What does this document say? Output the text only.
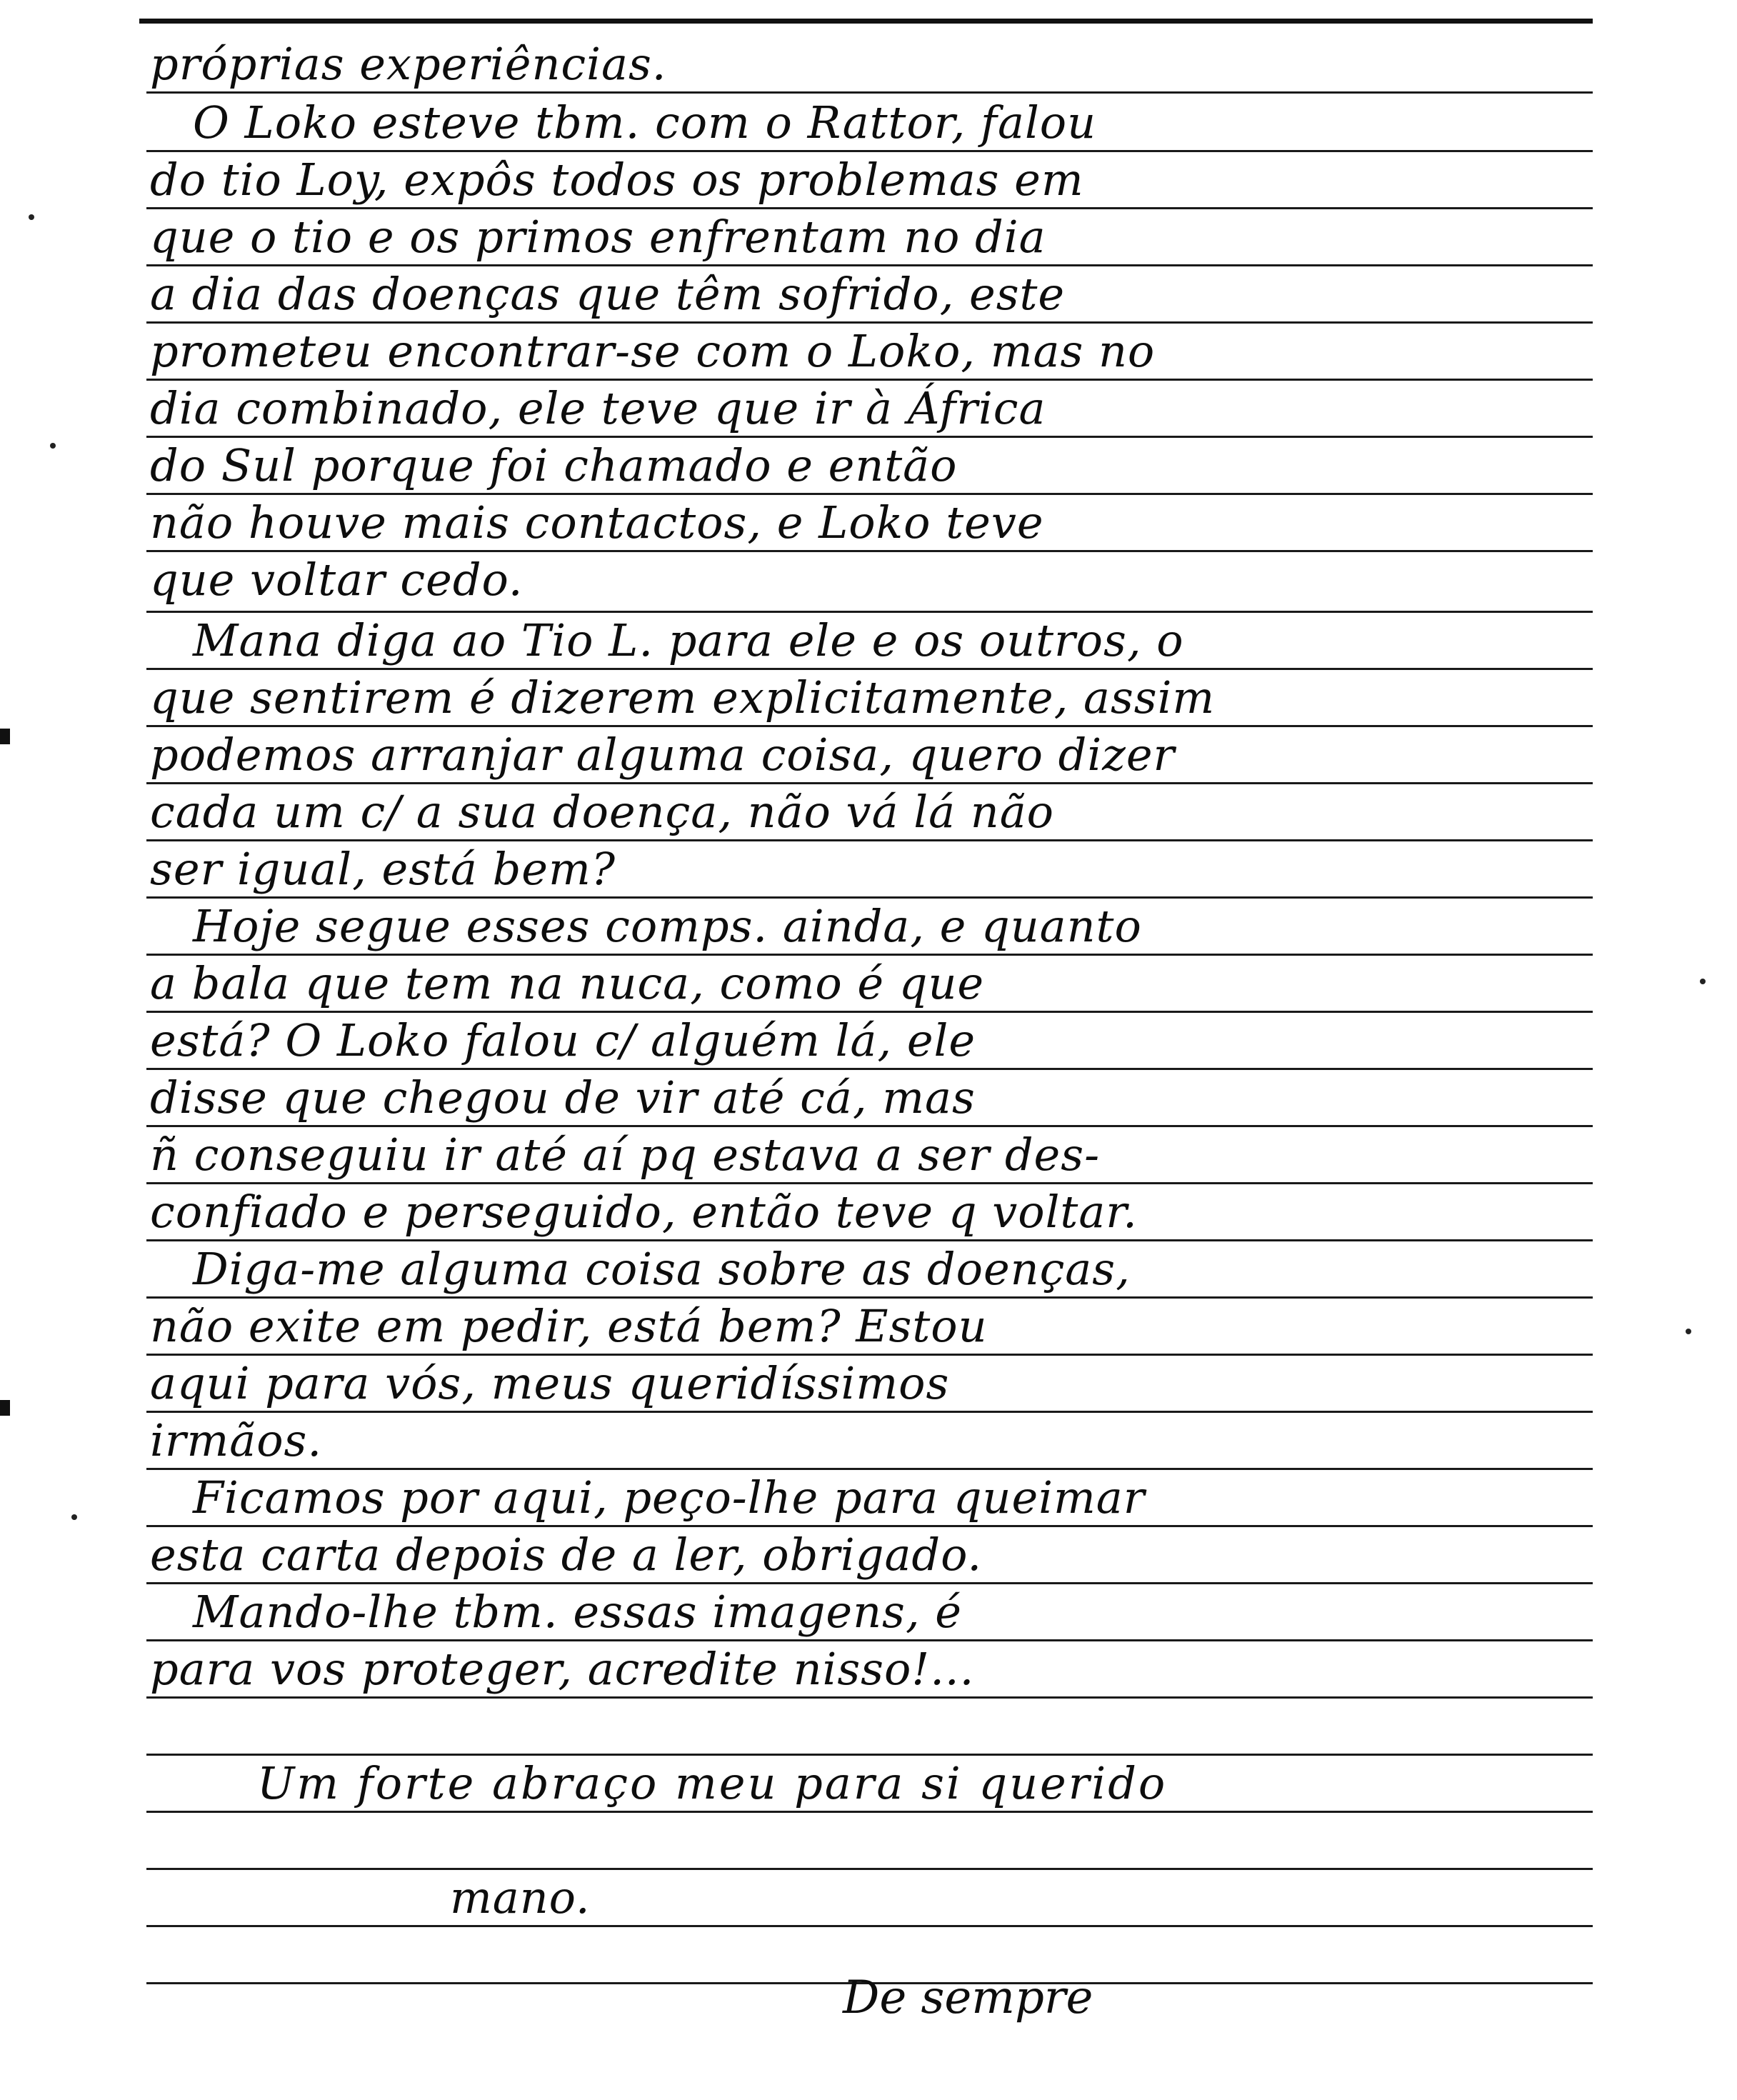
próprias experiências.
O Loko esteve tbm. com o Rattor, falou
do tio Loy, expôs todos os problemas em
que o tio e os primos enfrentam no dia
a dia das doenças que têm sofrido, este
prometeu encontrar-se com o Loko, mas no
dia combinado, ele teve que ir à África
do Sul porque foi chamado e então
não houve mais contactos, e Loko teve
que voltar cedo.
Mana diga ao Tio L. para ele e os outros, o
que sentirem é dizerem explicitamente, assim
podemos arranjar alguma coisa, quero dizer
cada um c/ a sua doença, não vá lá não
ser igual, está bem?
Hoje segue esses comps. ainda, e quanto
a bala que tem na nuca, como é que
está? O Loko falou c/ alguém lá, ele
disse que chegou de vir até cá, mas
ñ conseguiu ir até aí pq estava a ser des-
confiado e perseguido, então teve q voltar.
Diga-me alguma coisa sobre as doenças,
não exite em pedir, está bem? Estou
aqui para vós, meus queridíssimos
irmãos.
Ficamos por aqui, peço-lhe para queimar
esta carta depois de a ler, obrigado.
Mando-lhe tbm. essas imagens, é
para vos proteger, acredite nisso!...
Um forte abraço meu para si querido
mano.
De sempre
